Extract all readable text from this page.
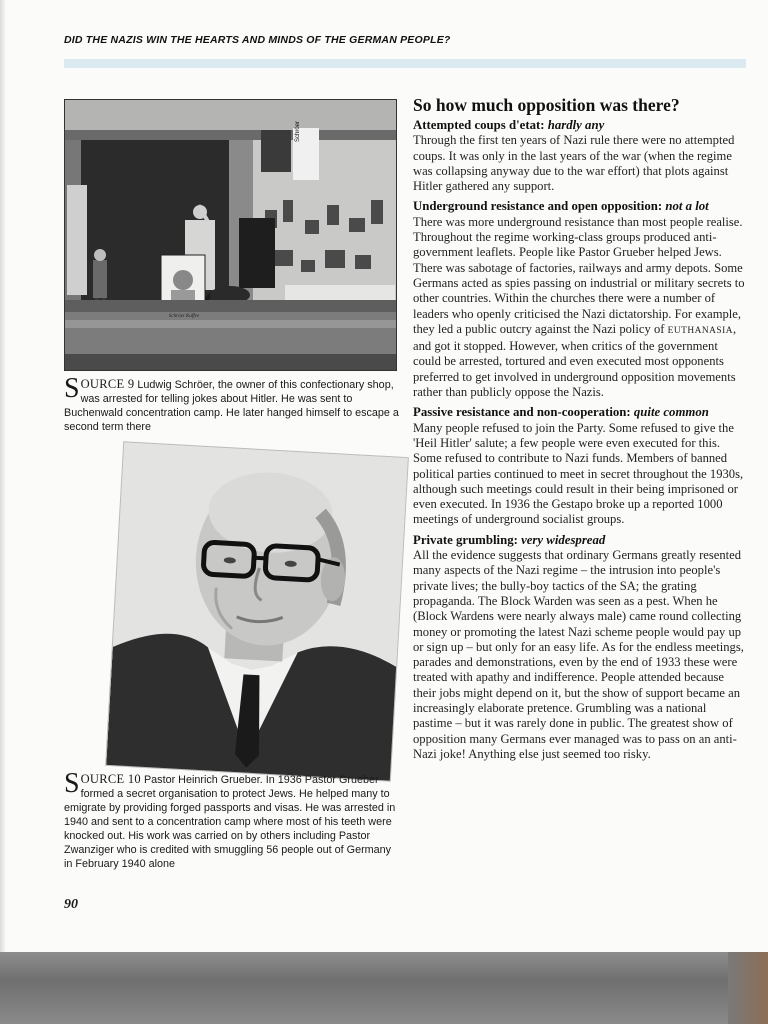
DID THE NAZIS WIN THE HEARTS AND MINDS OF THE GERMAN PEOPLE?
Schröer
Schröer Kaffee
SOURCE 9 Ludwig Schröer, the owner of this confectionary shop, was arrested for telling jokes about Hitler. He was sent to Buchenwald concentration camp. He later hanged himself to escape a second term there
SOURCE 10 Pastor Heinrich Grueber. In 1936 Pastor Grueber formed a secret organisation to protect Jews. He helped many to emigrate by providing forged passports and visas. He was arrested in 1940 and sent to a concentration camp where most of his teeth were knocked out. His work was carried on by others including Pastor Zwanziger who is credited with smuggling 56 people out of Germany in February 1940 alone
90
So how much opposition was there?
Attempted coups d'etat: hardly any

Through the first ten years of Nazi rule there were no attempted coups. It was only in the last years of the war (when the regime was collapsing anyway due to the war effort) that plots against Hitler gathered any support.

Underground resistance and open opposition: not a lot

There was more underground resistance than most people realise. Throughout the regime working-class groups produced anti-government leaflets. People like Pastor Grueber helped Jews. There was sabotage of factories, railways and army depots. Some Germans acted as spies passing on industrial or military secrets to other countries. Within the churches there were a number of leaders who openly criticised the Nazi dictatorship. For example, they led a public outcry against the Nazi policy of EUTHANASIA, and got it stopped. However, when critics of the government could be arrested, tortured and even executed most opponents preferred to get involved in underground opposition movements rather than publicly oppose the Nazis.

Passive resistance and non-cooperation: quite common

Many people refused to join the Party. Some refused to give the 'Heil Hitler' salute; a few people were even executed for this. Some refused to contribute to Nazi funds. Members of banned political parties continued to meet in secret throughout the 1930s, although such meetings could result in their being imprisoned or even executed. In 1936 the Gestapo broke up a reported 1000 meetings of underground socialist groups.

Private grumbling: very widespread

All the evidence suggests that ordinary Germans greatly resented many aspects of the Nazi regime – the intrusion into people's private lives; the bully-boy tactics of the SA; the grating propaganda. The Block Warden was seen as a pest. When he (Block Wardens were nearly always male) came round collecting money or promoting the latest Nazi scheme people would pay up or sign up – but only for an easy life. As for the endless meetings, parades and demonstrations, even by the end of 1933 these were treated with apathy and indifference. People attended because their jobs might depend on it, but the show of support became an increasingly elaborate pretence. Grumbling was a national pastime – but it was rarely done in public. The greatest show of opposition many Germans ever managed was to pass on an anti-Nazi joke! Anything else just seemed too risky.
